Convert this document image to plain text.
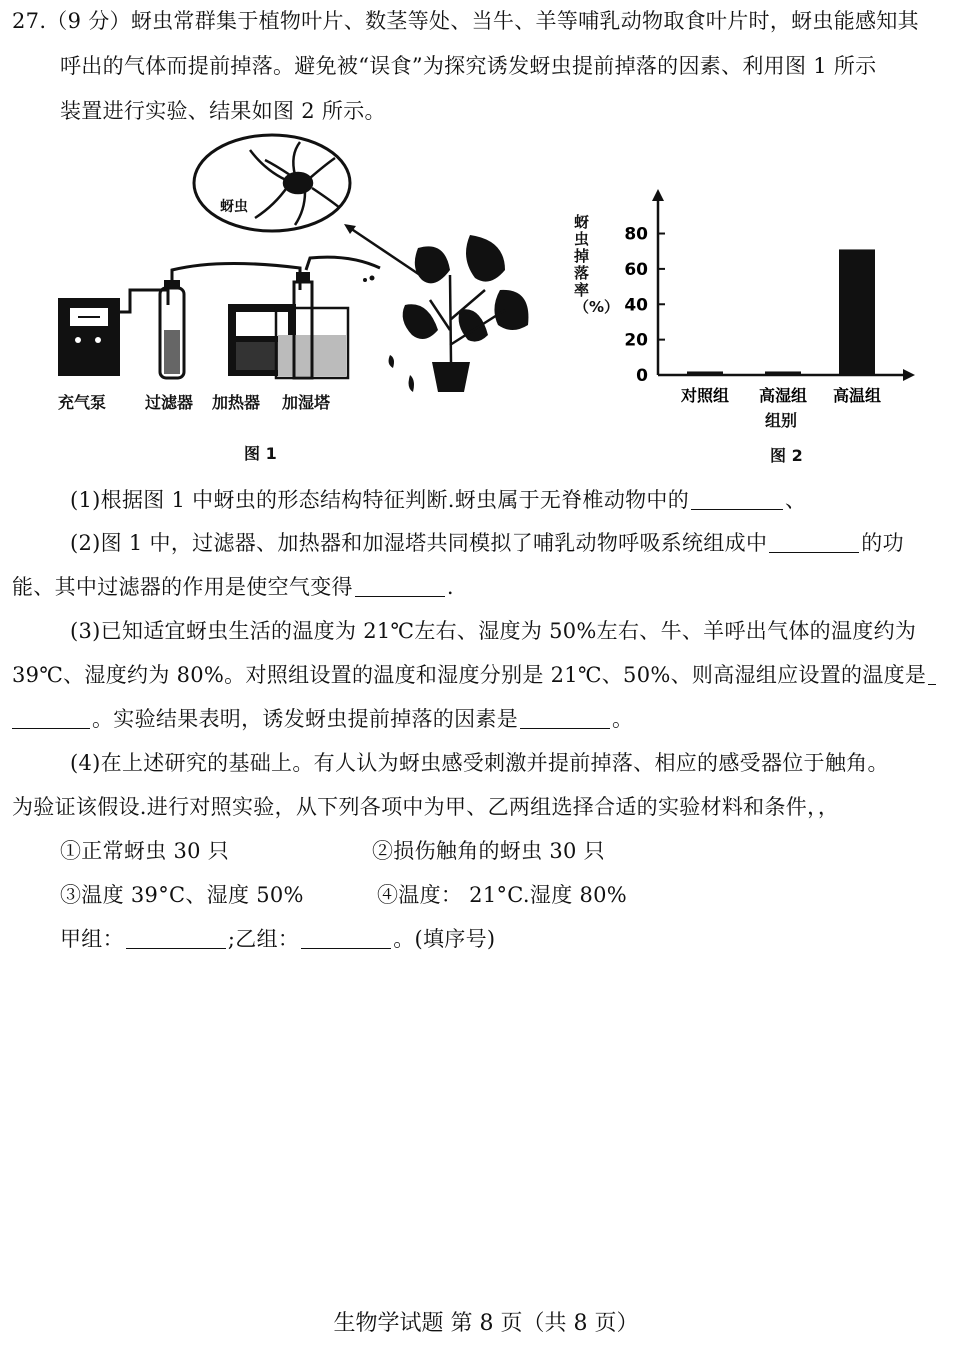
27.（9 分）蚜虫常群集于植物叶片、数茎等处、当牛、羊等哺乳动物取食叶片时，蚜虫能感知其
呼出的气体而提前掉落。避免被“误食”为探究诱发蚜虫提前掉落的因素、利用图 1 所示
装置进行实验、结果如图 2 所示。
蚜虫
充气泵 过滤器 加热器 加湿塔
图 1
0
20
40
60
80
对照组 高湿组 高温组
蚜虫掉落率（%）
组别
图 2
(1)根据图 1 中蚜虫的形态结构特征判断.蚜虫属于无脊椎动物中的	、
(2)图 1 中，过滤器、加热器和加湿塔共同模拟了哺乳动物呼吸系统组成中	的功
能、其中过滤器的作用是使空气变得	.
(3)已知适宜蚜虫生活的温度为 21℃左右、湿度为 50%左右、牛、羊呼出气体的温度约为
39℃、湿度约为 80%。对照组设置的温度和湿度分别是 21℃、50%、则高湿组应设置的温度是
。实验结果表明，诱发蚜虫提前掉落的因素是	。
(4)在上述研究的基础上。有人认为蚜虫感受刺激并提前掉落、相应的感受器位于触角。
为验证该假设.进行对照实验，从下列各项中为甲、乙两组选择合适的实验材料和条件，，
①正常蚜虫 30 只	②损伤触角的蚜虫 30 只
③温度 39°C、湿度 50%	④温度： 21°C.湿度 80%
甲组：	;乙组：	。(填序号)
生物学试题 第 8 页（共 8 页）
